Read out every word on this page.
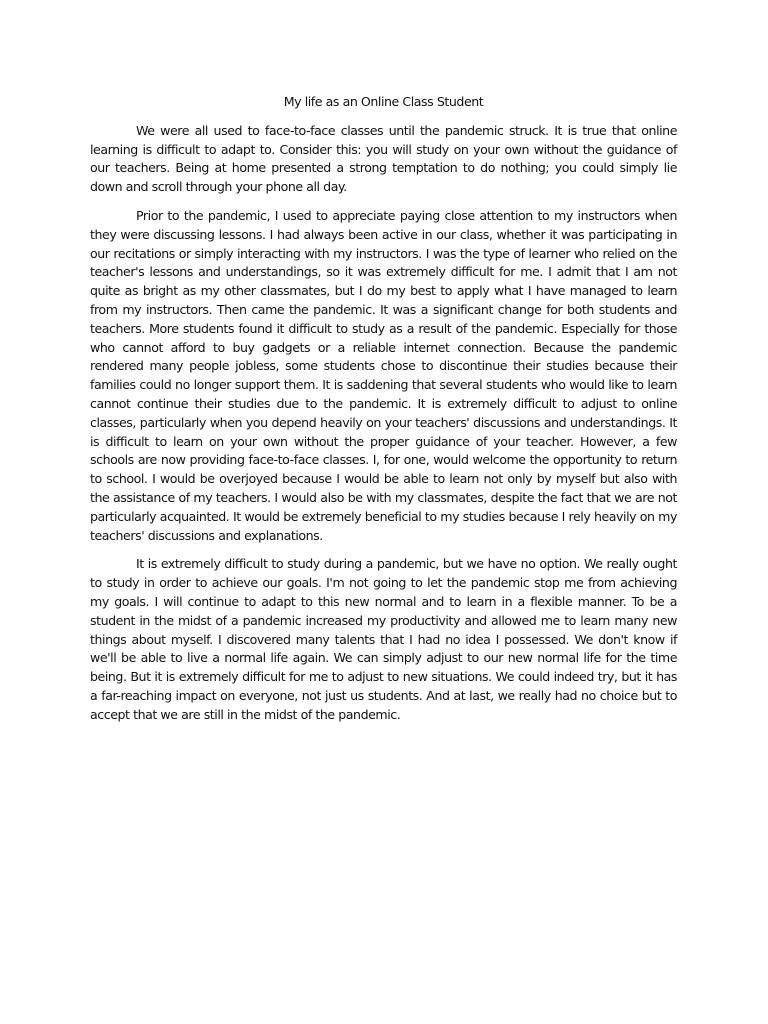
My life as an Online Class Student

We were all used to face-to-face classes until the pandemic struck. It is true that online learning is difficult to adapt to. Consider this: you will study on your own without the guidance of our teachers. Being at home presented a strong temptation to do nothing; you could simply lie down and scroll through your phone all day.

Prior to the pandemic, I used to appreciate paying close attention to my instructors when they were discussing lessons. I had always been active in our class, whether it was participating in our recitations or simply interacting with my instructors. I was the type of learner who relied on the teacher's lessons and understandings, so it was extremely difficult for me. I admit that I am not quite as bright as my other classmates, but I do my best to apply what I have managed to learn from my instructors. Then came the pandemic. It was a significant change for both students and teachers. More students found it difficult to study as a result of the pandemic. Especially for those who cannot afford to buy gadgets or a reliable internet connection. Because the pandemic rendered many people jobless, some students chose to discontinue their studies because their families could no longer support them. It is saddening that several students who would like to learn cannot continue their studies due to the pandemic. It is extremely difficult to adjust to online classes, particularly when you depend heavily on your teachers' discussions and understandings. It is difficult to learn on your own without the proper guidance of your teacher. However, a few schools are now providing face-to-face classes. I, for one, would welcome the opportunity to return to school. I would be overjoyed because I would be able to learn not only by myself but also with the assistance of my teachers. I would also be with my classmates, despite the fact that we are not particularly acquainted. It would be extremely beneficial to my studies because I rely heavily on my teachers' discussions and explanations.

It is extremely difficult to study during a pandemic, but we have no option. We really ought to study in order to achieve our goals. I'm not going to let the pandemic stop me from achieving my goals. I will continue to adapt to this new normal and to learn in a flexible manner. To be a student in the midst of a pandemic increased my productivity and allowed me to learn many new things about myself. I discovered many talents that I had no idea I possessed. We don't know if we'll be able to live a normal life again. We can simply adjust to our new normal life for the time being. But it is extremely difficult for me to adjust to new situations. We could indeed try, but it has a far-reaching impact on everyone, not just us students. And at last, we really had no choice but to accept that we are still in the midst of the pandemic.
